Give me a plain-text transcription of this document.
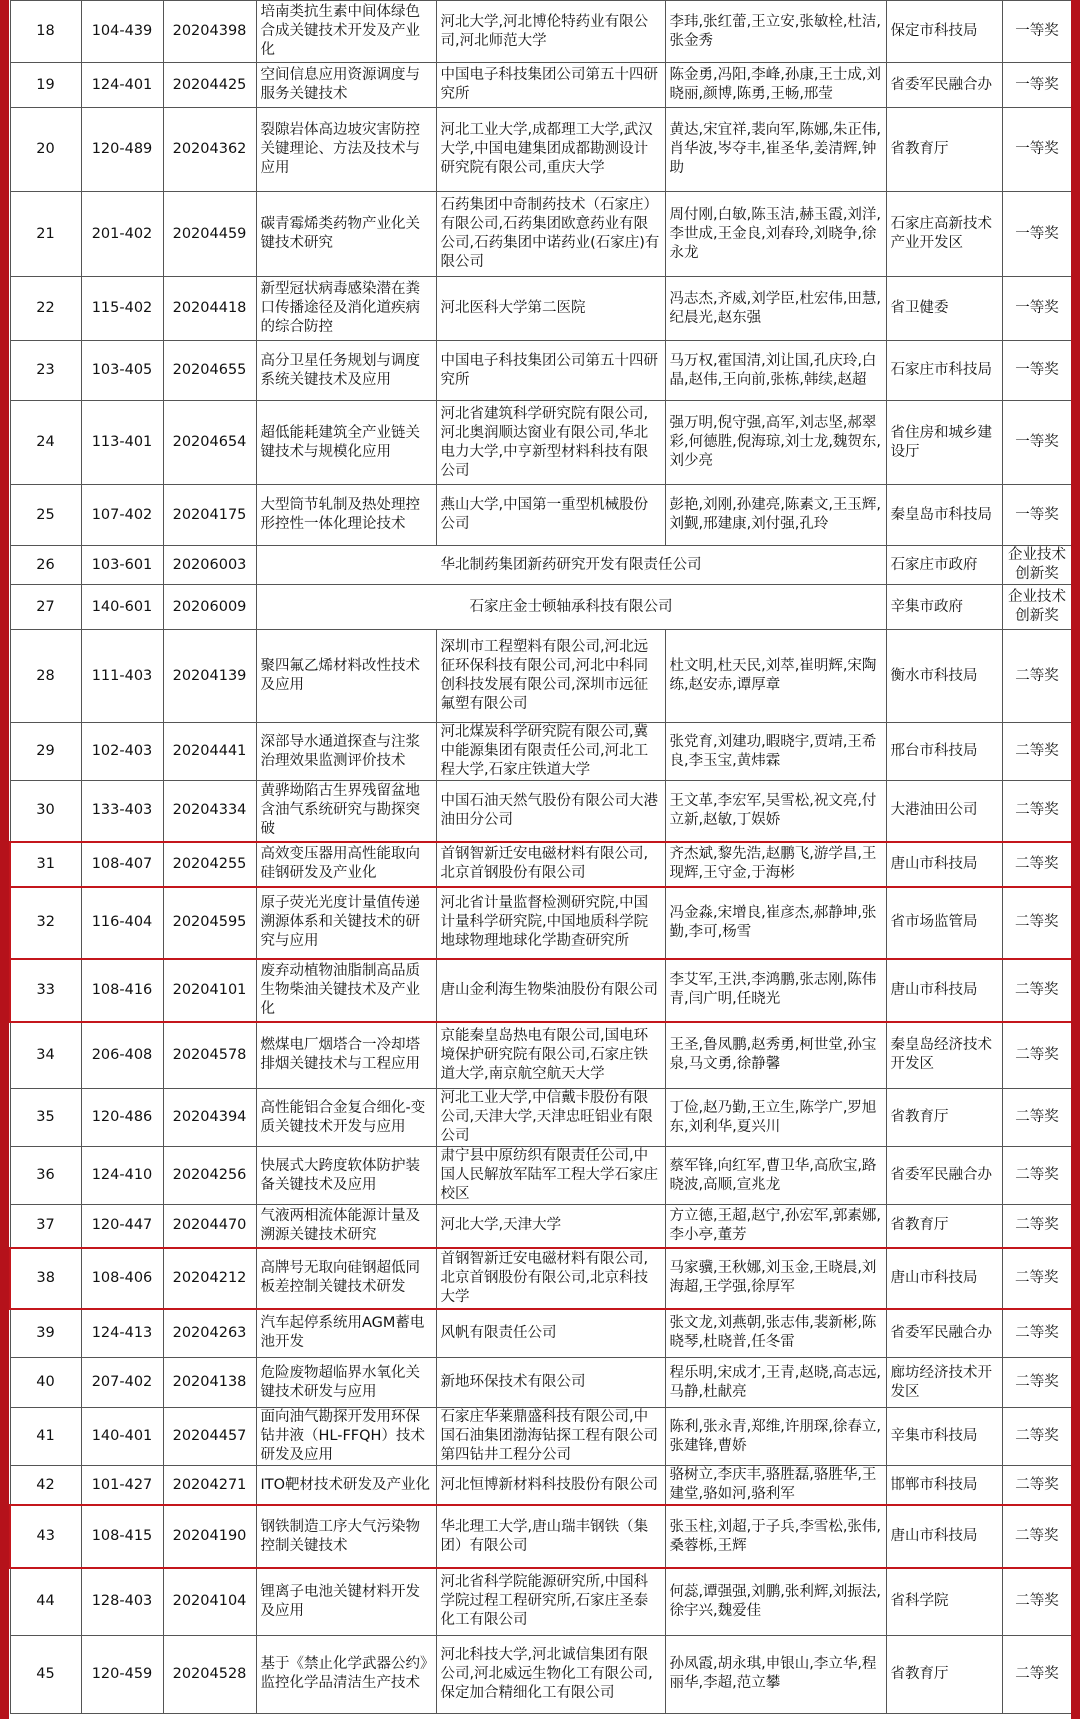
18	104-439	20204398	培南类抗生素中间体绿色合成关键技术开发及产业化	河北大学,河北博伦特药业有限公司,河北师范大学	李玮,张红蕾,王立安,张敏栓,杜洁,张金秀	保定市科技局	一等奖
19	124-401	20204425	空间信息应用资源调度与服务关键技术	中国电子科技集团公司第五十四研究所	陈金勇,冯阳,李峰,孙康,王士成,刘晓丽,颜博,陈勇,王畅,邢莹	省委军民融合办	一等奖
20	120-489	20204362	裂隙岩体高边坡灾害防控关键理论、方法及技术与应用	河北工业大学,成都理工大学,武汉大学,中国电建集团成都勘测设计研究院有限公司,重庆大学	黄达,宋宜祥,裴向军,陈娜,朱正伟,肖华波,岑夺丰,崔圣华,姜清辉,钟助	省教育厅	一等奖
21	201-402	20204459	碳青霉烯类药物产业化关键技术研究	石药集团中奇制药技术（石家庄）有限公司,石药集团欧意药业有限公司,石药集团中诺药业(石家庄)有限公司	周付刚,白敏,陈玉洁,赫玉霞,刘洋,李世成,王金良,刘春玲,刘晓争,徐永龙	石家庄高新技术产业开发区	一等奖
22	115-402	20204418	新型冠状病毒感染潜在粪口传播途径及消化道疾病的综合防控	河北医科大学第二医院	冯志杰,齐威,刘学臣,杜宏伟,田慧,纪晨光,赵东强	省卫健委	一等奖
23	103-405	20204655	高分卫星任务规划与调度系统关键技术及应用	中国电子科技集团公司第五十四研究所	马万权,霍国清,刘让国,孔庆玲,白晶,赵伟,王向前,张栋,韩续,赵超	石家庄市科技局	一等奖
24	113-401	20204654	超低能耗建筑全产业链关键技术与规模化应用	河北省建筑科学研究院有限公司,河北奥润顺达窗业有限公司,华北电力大学,中亨新型材料科技有限公司	强万明,倪守强,高军,刘志坚,郝翠彩,何德胜,倪海琼,刘士龙,魏贺东,刘少亮	省住房和城乡建设厅	一等奖
25	107-402	20204175	大型筒节轧制及热处理控形控性一体化理论技术	燕山大学,中国第一重型机械股份公司	彭艳,刘刚,孙建亮,陈素文,王玉辉,刘觐,邢建康,刘付强,孔玲	秦皇岛市科技局	一等奖
26	103-601	20206003	华北制药集团新药研究开发有限责任公司			石家庄市政府	企业技术创新奖
27	140-601	20206009	石家庄金士顿轴承科技有限公司			辛集市政府	企业技术创新奖
28	111-403	20204139	聚四氟乙烯材料改性技术及应用	深圳市工程塑料有限公司,河北远征环保科技有限公司,河北中科同创科技发展有限公司,深圳市远征氟塑有限公司	杜文明,杜天民,刘萃,崔明辉,宋陶练,赵安赤,谭厚章	衡水市科技局	二等奖
29	102-403	20204441	深部导水通道探查与注浆治理效果监测评价技术	河北煤炭科学研究院有限公司,冀中能源集团有限责任公司,河北工程大学,石家庄铁道大学	张党育,刘建功,暇晓宇,贾靖,王希良,李玉宝,黄炜霖	邢台市科技局	二等奖
30	133-403	20204334	黄骅坳陷古生界残留盆地含油气系统研究与勘探突破	中国石油天然气股份有限公司大港油田分公司	王文革,李宏军,吴雪松,祝文亮,付立新,赵敏,丁娱娇	大港油田公司	二等奖
31	108-407	20204255	高效变压器用高性能取向硅钢研发及产业化	首钢智新迁安电磁材料有限公司,北京首钢股份有限公司	齐杰斌,黎先浩,赵鹏飞,游学昌,王现辉,王守金,于海彬	唐山市科技局	二等奖
32	116-404	20204595	原子荧光光度计量值传递溯源体系和关键技术的研究与应用	河北省计量监督检测研究院,中国计量科学研究院,中国地质科学院地球物理地球化学勘查研究所	冯金淼,宋增良,崔彦杰,郝静坤,张勤,李可,杨雪	省市场监管局	二等奖
33	108-416	20204101	废弃动植物油脂制高品质生物柴油关键技术及产业化	唐山金利海生物柴油股份有限公司	李艾军,王洪,李鸿鹏,张志刚,陈伟青,闫广明,任晓光	唐山市科技局	二等奖
34	206-408	20204578	燃煤电厂烟塔合一冷却塔排烟关键技术与工程应用	京能秦皇岛热电有限公司,国电环境保护研究院有限公司,石家庄铁道大学,南京航空航天大学	王圣,鲁凤鹏,赵秀勇,柯世堂,孙宝泉,马文勇,徐静馨	秦皇岛经济技术开发区	二等奖
35	120-486	20204394	高性能铝合金复合细化-变质关键技术开发与应用	河北工业大学,中信戴卡股份有限公司,天津大学,天津忠旺铝业有限公司	丁俭,赵乃勤,王立生,陈学广,罗旭东,刘利华,夏兴川	省教育厅	二等奖
36	124-410	20204256	快展式大跨度软体防护装备关键技术及应用	肃宁县中原纺织有限责任公司,中国人民解放军陆军工程大学石家庄校区	蔡军锋,向红军,曹卫华,高欣宝,路晓波,高顺,宣兆龙	省委军民融合办	二等奖
37	120-447	20204470	气液两相流体能源计量及溯源关键技术研究	河北大学,天津大学	方立德,王超,赵宁,孙宏军,郭素娜,李小亭,董芳	省教育厅	二等奖
38	108-406	20204212	高牌号无取向硅钢超低同板差控制关键技术研发	首钢智新迁安电磁材料有限公司,北京首钢股份有限公司,北京科技大学	马家骥,王秋娜,刘玉金,王晓晨,刘海超,王学强,徐厚军	唐山市科技局	二等奖
39	124-413	20204263	汽车起停系统用AGM蓄电池开发	风帆有限责任公司	张文龙,刘燕朝,张志伟,裴新彬,陈晓琴,杜晓普,任冬雷	省委军民融合办	二等奖
40	207-402	20204138	危险废物超临界水氧化关键技术研发与应用	新地环保技术有限公司	程乐明,宋成才,王青,赵晓,高志远,马静,杜献亮	廊坊经济技术开发区	二等奖
41	140-401	20204457	面向油气勘探开发用环保钻井液（HL-FFQH）技术研发及应用	石家庄华莱鼎盛科技有限公司,中国石油集团渤海钻探工程有限公司第四钻井工程分公司	陈利,张永青,郑维,许朋琛,徐春立,张建锋,曹娇	辛集市科技局	二等奖
42	101-427	20204271	ITO靶材技术研发及产业化	河北恒博新材料科技股份有限公司	骆树立,李庆丰,骆胜磊,骆胜华,王建堂,骆如河,骆利军	邯郸市科技局	二等奖
43	108-415	20204190	钢铁制造工序大气污染物控制关键技术	华北理工大学,唐山瑞丰钢铁（集团）有限公司	张玉柱,刘超,于子兵,李雪松,张伟,桑蓉栎,王辉	唐山市科技局	二等奖
44	128-403	20204104	锂离子电池关键材料开发及应用	河北省科学院能源研究所,中国科学院过程工程研究所,石家庄圣泰化工有限公司	何蕊,谭强强,刘鹏,张利辉,刘振法,徐宇兴,魏爱佳	省科学院	二等奖
45	120-459	20204528	基于《禁止化学武器公约》监控化学品清洁生产技术	河北科技大学,河北诚信集团有限公司,河北威远生物化工有限公司,保定加合精细化工有限公司	孙凤霞,胡永琪,申银山,李立华,程丽华,李超,范立攀	省教育厅	二等奖
